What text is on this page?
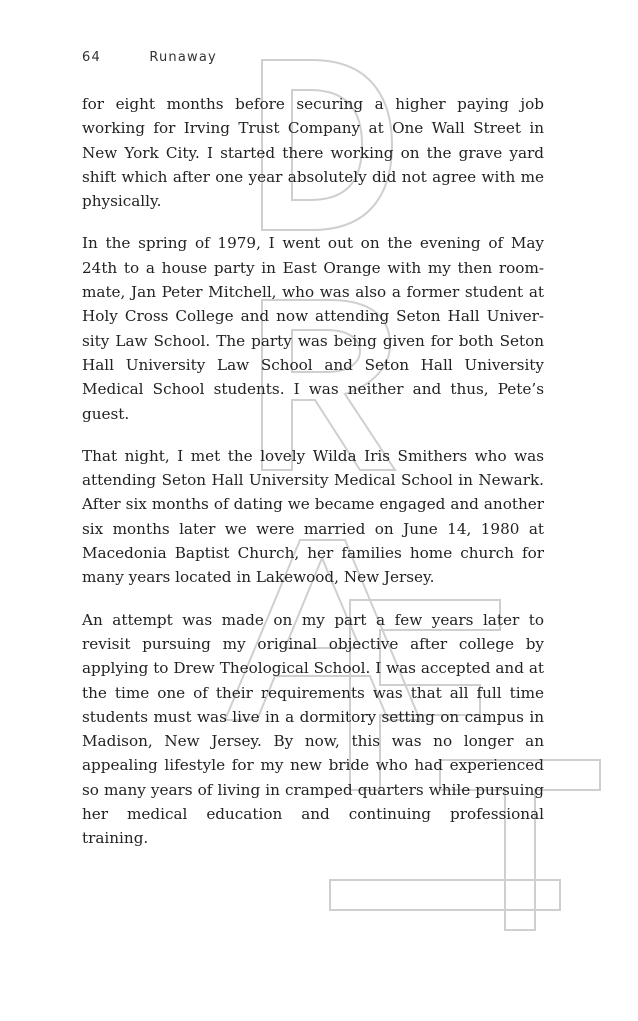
64	Runaway

for eight months before securing a higher paying job working for Irving Trust Company at One Wall Street in New York City. I started there working on the grave yard shift which after one year absolutely did not agree with me physically.

In the spring of 1979, I went out on the evening of May 24th to a house party in East Orange with my then roommate, Jan Peter Mitchell, who was also a former student at Holy Cross College and now attending Seton Hall University Law School. The party was being given for both Seton Hall University Law School and Seton Hall University Medical School students. I was neither and thus, Pete’s guest.

That night, I met the lovely Wilda Iris Smithers who was attending Seton Hall University Medical School in Newark. After six months of dating we became engaged and another six months later we were married on June 14, 1980 at Macedonia Baptist Church, her families home church for many years located in Lakewood, New Jersey.

An attempt was made on my part a few years later to revisit pursuing my original objective after college by applying to Drew Theological School. I was accepted and at the time one of their requirements was that all full time students must was live in a dormitory setting on campus in Madison, New Jersey. By now, this was no longer an appealing lifestyle for my new bride who had experienced so many years of living in cramped quarters while pursuing her medical education and continuing professional training.
